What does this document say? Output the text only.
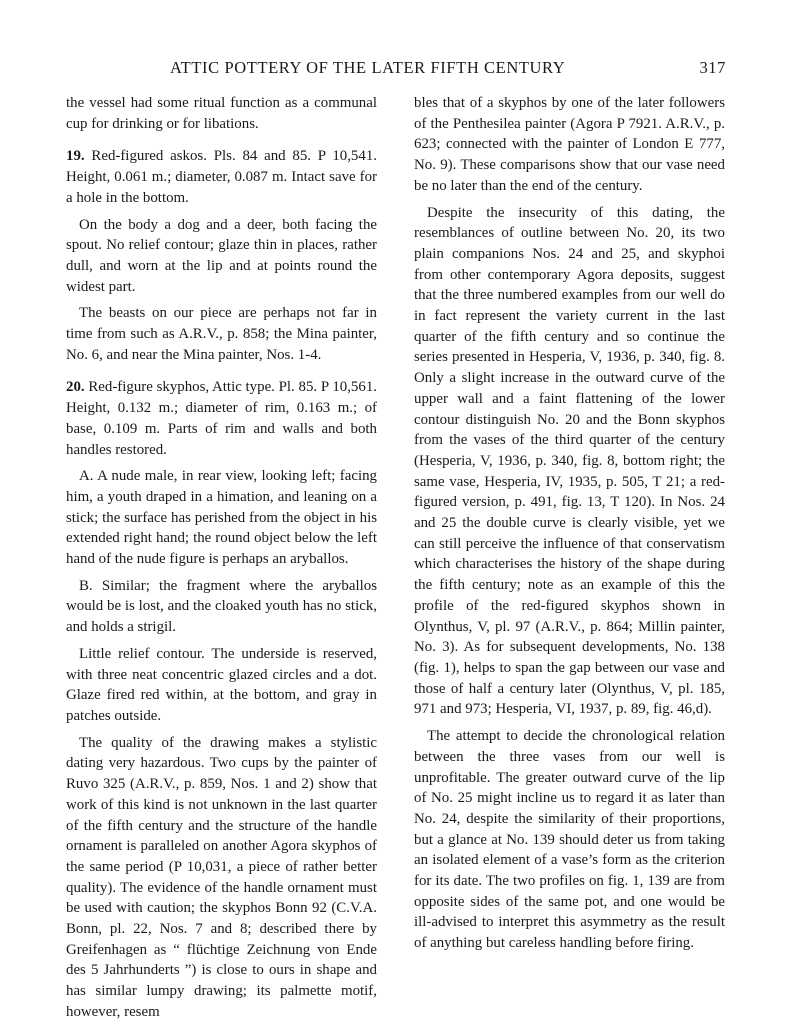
ATTIC POTTERY OF THE LATER FIFTH CENTURY	317

the vessel had some ritual function as a communal cup for drinking or for libations.

19. Red-figured askos. Pls. 84 and 85. P 10,541. Height, 0.061 m.; diameter, 0.087 m. Intact save for a hole in the bottom.

On the body a dog and a deer, both facing the spout. No relief contour; glaze thin in places, rather dull, and worn at the lip and at points round the widest part.

The beasts on our piece are perhaps not far in time from such as A.R.V., p. 858; the Mina painter, No. 6, and near the Mina painter, Nos. 1-4.

20. Red-figure skyphos, Attic type. Pl. 85. P 10,561. Height, 0.132 m.; diameter of rim, 0.163 m.; of base, 0.109 m. Parts of rim and walls and both handles restored.

A. A nude male, in rear view, looking left; facing him, a youth draped in a himation, and leaning on a stick; the surface has perished from the object in his extended right hand; the round object below the left hand of the nude figure is perhaps an aryballos.

B. Similar; the fragment where the aryballos would be is lost, and the cloaked youth has no stick, and holds a strigil.

Little relief contour. The underside is reserved, with three neat concentric glazed circles and a dot. Glaze fired red within, at the bottom, and gray in patches outside.

The quality of the drawing makes a stylistic dating very hazardous. Two cups by the painter of Ruvo 325 (A.R.V., p. 859, Nos. 1 and 2) show that work of this kind is not unknown in the last quarter of the fifth century and the structure of the handle ornament is paralleled on another Agora skyphos of the same period (P 10,031, a piece of rather better quality). The evidence of the handle ornament must be used with caution; the skyphos Bonn 92 (C.V.A. Bonn, pl. 22, Nos. 7 and 8; described there by Greifenhagen as “ flüchtige Zeichnung von Ende des 5 Jahrhunderts ”) is close to ours in shape and has similar lumpy drawing; its palmette motif, however, resem

bles that of a skyphos by one of the later followers of the Penthesilea painter (Agora P 7921. A.R.V., p. 623; connected with the painter of London E 777, No. 9). These comparisons show that our vase need be no later than the end of the century.

Despite the insecurity of this dating, the resemblances of outline between No. 20, its two plain companions Nos. 24 and 25, and skyphoi from other contemporary Agora deposits, suggest that the three numbered examples from our well do in fact represent the variety current in the last quarter of the fifth century and so continue the series presented in Hesperia, V, 1936, p. 340, fig. 8. Only a slight increase in the outward curve of the upper wall and a faint flattening of the lower contour distinguish No. 20 and the Bonn skyphos from the vases of the third quarter of the century (Hesperia, V, 1936, p. 340, fig. 8, bottom right; the same vase, Hesperia, IV, 1935, p. 505, T 21; a red-figured version, p. 491, fig. 13, T 120). In Nos. 24 and 25 the double curve is clearly visible, yet we can still perceive the influence of that conservatism which characterises the history of the shape during the fifth century; note as an example of this the profile of the red-figured skyphos shown in Olynthus, V, pl. 97 (A.R.V., p. 864; Millin painter, No. 3). As for subsequent developments, No. 138 (fig. 1), helps to span the gap between our vase and those of half a century later (Olynthus, V, pl. 185, 971 and 973; Hesperia, VI, 1937, p. 89, fig. 46,d).

The attempt to decide the chronological relation between the three vases from our well is unprofitable. The greater outward curve of the lip of No. 25 might incline us to regard it as later than No. 24, despite the similarity of their proportions, but a glance at No. 139 should deter us from taking an isolated element of a vase’s form as the criterion for its date. The two profiles on fig. 1, 139 are from opposite sides of the same pot, and one would be ill-advised to interpret this asymmetry as the result of anything but careless handling before firing.
